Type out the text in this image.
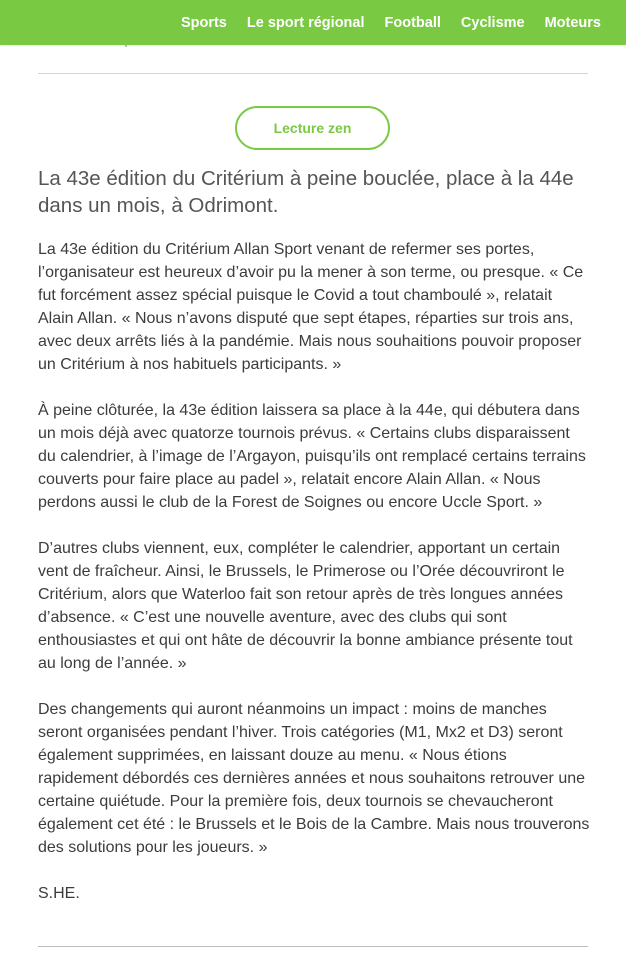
Sports	Le sport régional	Football	Cyclisme	Moteurs
Lecture zen
La 43e édition du Critérium à peine bouclée, place à la 44e dans un mois, à Odrimont.

La 43e édition du Critérium Allan Sport venant de refermer ses portes, l’organisateur est heureux d’avoir pu la mener à son terme, ou presque. « Ce fut forcément assez spécial puisque le Covid a tout chamboulé », relatait Alain Allan. « Nous n’avons disputé que sept étapes, réparties sur trois ans, avec deux arrêts liés à la pandémie. Mais nous souhaitions pouvoir proposer un Critérium à nos habituels participants. »

À peine clôturée, la 43e édition laissera sa place à la 44e, qui débutera dans un mois déjà avec quatorze tournois prévus. « Certains clubs disparaissent du calendrier, à l’image de l’Argayon, puisqu’ils ont remplacé certains terrains couverts pour faire place au padel », relatait encore Alain Allan. « Nous perdons aussi le club de la Forest de Soignes ou encore Uccle Sport. »

D’autres clubs viennent, eux, compléter le calendrier, apportant un certain vent de fraîcheur. Ainsi, le Brussels, le Primerose ou l’Orée découvriront le Critérium, alors que Waterloo fait son retour après de très longues années d’absence. « C’est une nouvelle aventure, avec des clubs qui sont enthousiastes et qui ont hâte de découvrir la bonne ambiance présente tout au long de l’année. »

Des changements qui auront néanmoins un impact : moins de manches seront organisées pendant l’hiver. Trois catégories (M1, Mx2 et D3) seront également supprimées, en laissant douze au menu. « Nous étions rapidement débordés ces dernières années et nous souhaitons retrouver une certaine quiétude. Pour la première fois, deux tournois se chevaucheront également cet été : le Brussels et le Bois de la Cambre. Mais nous trouverons des solutions pour les joueurs. »

S.HE.
